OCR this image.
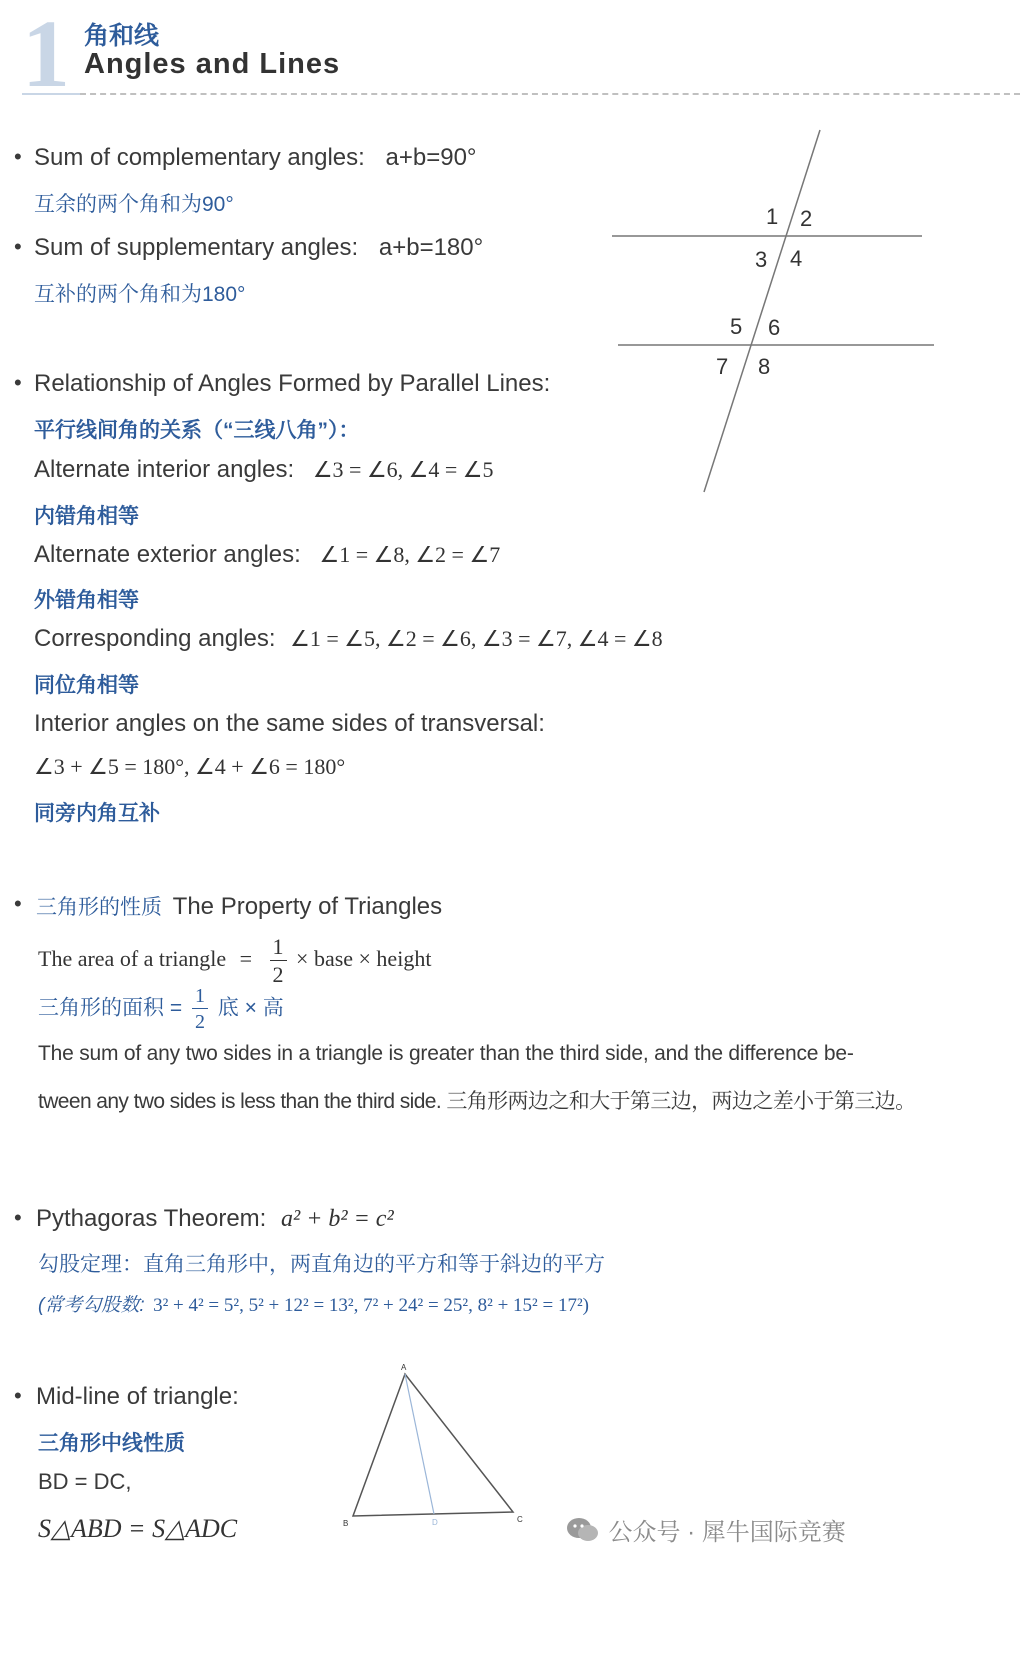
1 角和线
Angles and Lines
• Sum of complementary angles: a+b=90°
互余的两个角和为90°
• Sum of supplementary angles: a+b=180°
互补的两个角和为180°
1 2
3 4
5 6
7 8
• Relationship of Angles Formed by Parallel Lines:
平行线间角的关系（“三线八角”）：
Alternate interior angles: ∠3 = ∠6, ∠4 = ∠5
内错角相等
Alternate exterior angles: ∠1 = ∠8, ∠2 = ∠7
外错角相等
Corresponding angles: ∠1 = ∠5, ∠2 = ∠6, ∠3 = ∠7, ∠4 = ∠8
同位角相等
Interior angles on the same sides of transversal:
∠3 + ∠5 = 180°, ∠4 + ∠6 = 180°
同旁内角互补
• 三角形的性质 The Property of Triangles
The area of a triangle = $\frac{1}{2}$ × base × height
三角形的面积 = $\frac{1}{2}$ 底 × 高
The sum of any two sides in a triangle is greater than the third side, and the difference be-
tween any two sides is less than the third side. 三角形两边之和大于第三边，两边之差小于第三边。
• Pythagoras Theorem: a² + b² = c²
勾股定理：直角三角形中，两直角边的平方和等于斜边的平方
(常考勾股数: 3² + 4² = 5², 5² + 12² = 13², 7² + 24² = 25², 8² + 15² = 17²)
• Mid-line of triangle:
三角形中线性质
BD = DC,
S△ABD = S△ADC
A
B	C
D	公众号 · 犀牛国际竞赛
